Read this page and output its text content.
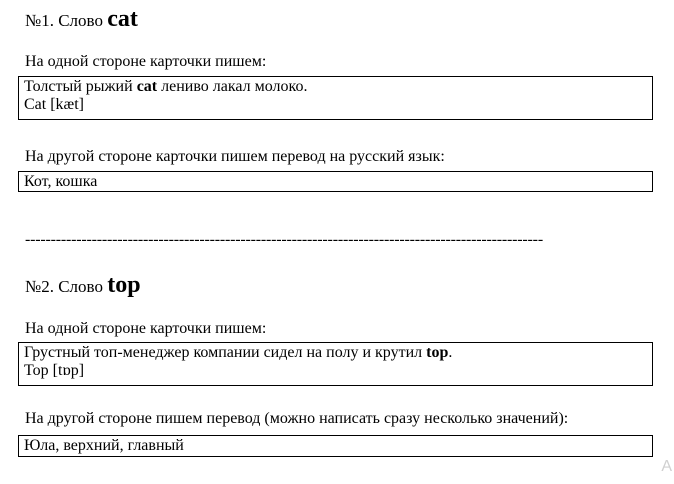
№1. Слово cat
На одной стороне карточки пишем:
Толстый рыжий cat лениво лакал молоко.
Cat [kæt]
На другой стороне карточки пишем перевод на русский язык:
Кот, кошка
-----------------------------------------------------------------------------------------------------
№2. Слово top
На одной стороне карточки пишем:
Грустный топ-менеджер компании сидел на полу и крутил top.
Top [tɒp]
На другой стороне пишем перевод (можно написать сразу несколько значений):
Юла, верхний, главный
A
